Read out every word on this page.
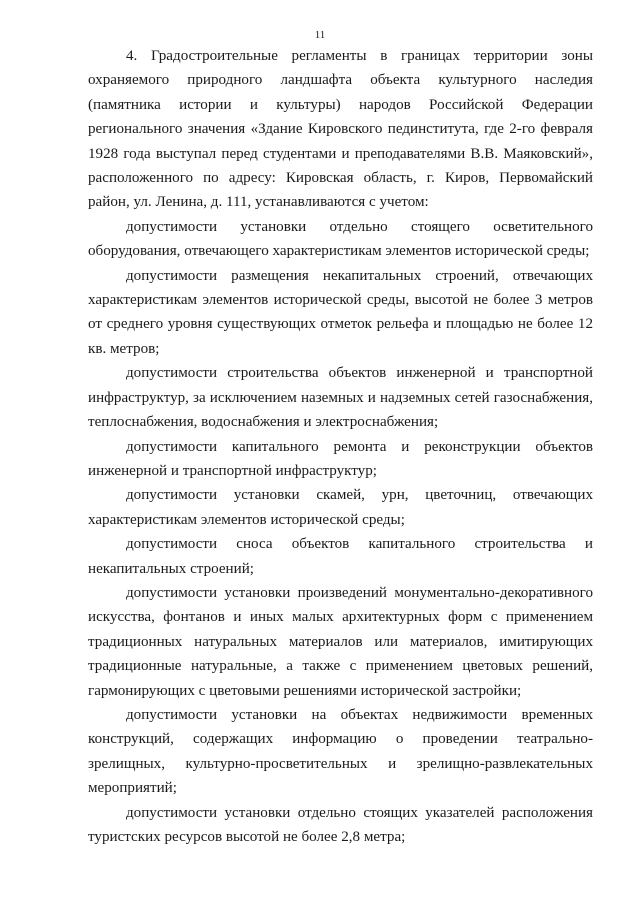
11

4. Градостроительные регламенты в границах территории зоны охраняемого природного ландшафта объекта культурного наследия (памятника истории и культуры) народов Российской Федерации регионального значения «Здание Кировского пединститута, где 2-го февраля 1928 года выступал перед студентами и преподавателями В.В. Маяковский», расположенного по адресу: Кировская область, г. Киров, Первомайский район, ул. Ленина, д. 111, устанавливаются с учетом:

допустимости установки отдельно стоящего осветительного оборудования, отвечающего характеристикам элементов исторической среды;

допустимости размещения некапитальных строений, отвечающих характеристикам элементов исторической среды, высотой не более 3 метров от среднего уровня существующих отметок рельефа и площадью не более 12 кв. метров;

допустимости строительства объектов инженерной и транспортной инфраструктур, за исключением наземных и надземных сетей газоснабжения, теплоснабжения, водоснабжения и электроснабжения;

допустимости капитального ремонта и реконструкции объектов инженерной и транспортной инфраструктур;

допустимости установки скамей, урн, цветочниц, отвечающих характеристикам элементов исторической среды;

допустимости сноса объектов капитального строительства и некапитальных строений;

допустимости установки произведений монументально-декоративного искусства, фонтанов и иных малых архитектурных форм с применением традиционных натуральных материалов или материалов, имитирующих традиционные натуральные, а также с применением цветовых решений, гармонирующих с цветовыми решениями исторической застройки;

допустимости установки на объектах недвижимости временных конструкций, содержащих информацию о проведении театрально-зрелищных, культурно-просветительных и зрелищно-развлекательных мероприятий;

допустимости установки отдельно стоящих указателей расположения туристских ресурсов высотой не более 2,8 метра;
